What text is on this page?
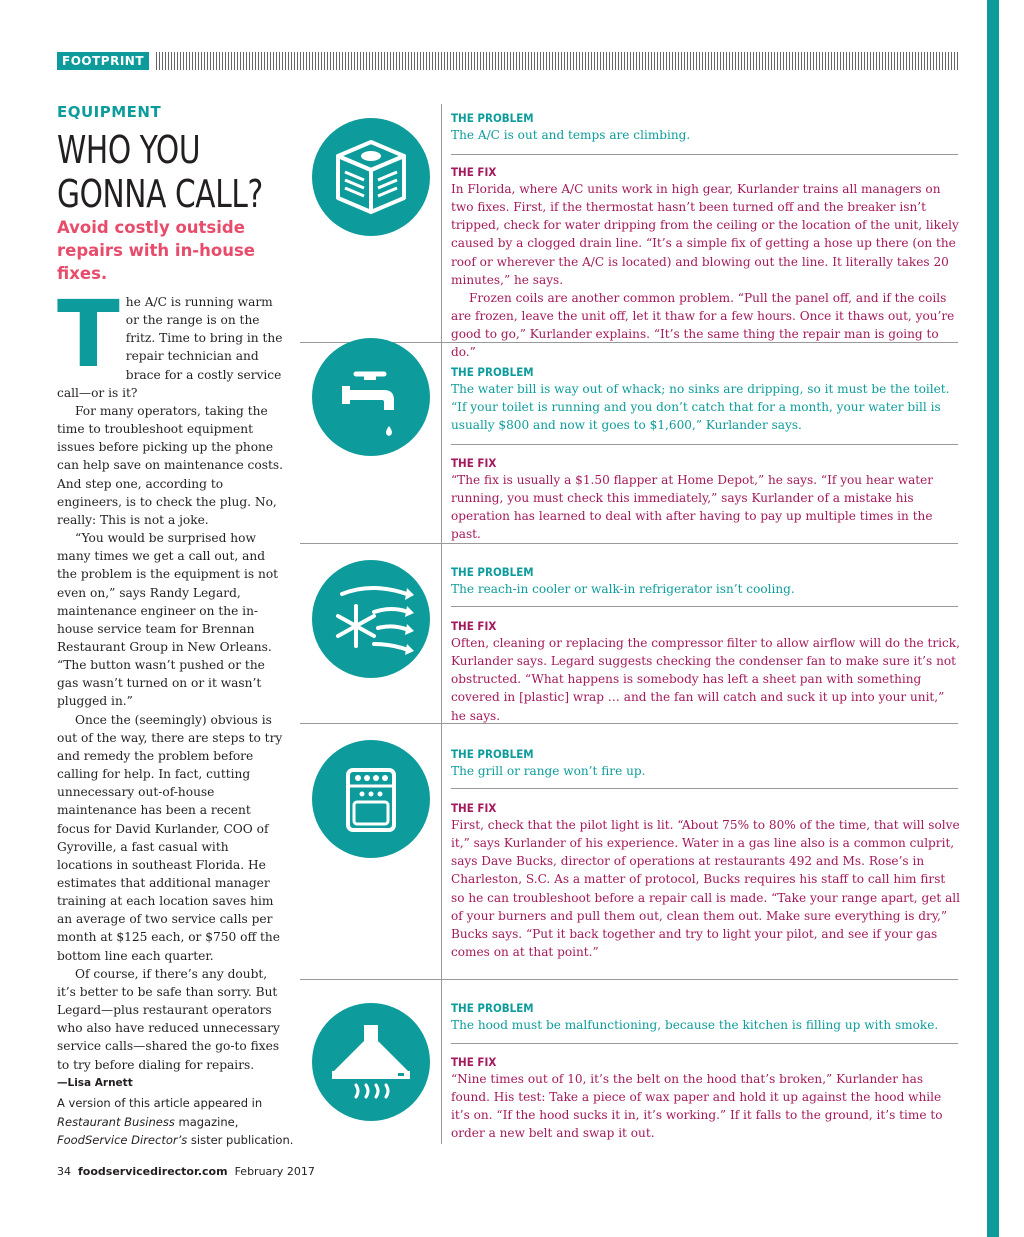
FOOTPRINT
EQUIPMENT
WHO YOU
GONNA CALL?
Avoid costly outside repairs with in-house fixes.

The A/C is running warm or the range is on the fritz. Time to bring in the repair technician and brace for a costly service call—or is it?

For many operators, taking the time to troubleshoot equipment issues before picking up the phone can help save on maintenance costs. And step one, according to engineers, is to check the plug. No, really: This is not a joke.

“You would be surprised how many times we get a call out, and the problem is the equipment is not even on,” says Randy Legard, maintenance engineer on the in-house service team for Brennan Restaurant Group in New Orleans. “The button wasn’t pushed or the gas wasn’t turned on or it wasn’t plugged in.”

Once the (seemingly) obvious is out of the way, there are steps to try and remedy the problem before calling for help. In fact, cutting unnecessary out-of-house maintenance has been a recent focus for David Kurlander, COO of Gyroville, a fast casual with locations in southeast Florida. He estimates that additional manager training at each location saves him an average of two service calls per month at $125 each, or $750 off the bottom line each quarter.

Of course, if there’s any doubt, it’s better to be safe than sorry. But Legard—plus restaurant operators who also have reduced unnecessary service calls—shared the go-to fixes to try before dialing for repairs.

—Lisa Arnett

A version of this article appeared in Restaurant Business magazine, FoodService Director’s sister publication.
34 foodservicedirector.com February 2017
THE PROBLEM
The A/C is out and temps are climbing.
THE FIX

In Florida, where A/C units work in high gear, Kurlander trains all managers on two fixes. First, if the thermostat hasn’t been turned off and the breaker isn’t tripped, check for water dripping from the ceiling or the location of the unit, likely caused by a clogged drain line. “It’s a simple fix of getting a hose up there (on the roof or wherever the A/C is located) and blowing out the line. It literally takes 20 minutes,” he says.

Frozen coils are another common problem. “Pull the panel off, and if the coils are frozen, leave the unit off, let it thaw for a few hours. Once it thaws out, you’re good to go,” Kurlander explains. “It’s the same thing the repair man is going to do.”

THE PROBLEM
The water bill is way out of whack; no sinks are dripping, so it must be the toilet. “If your toilet is running and you don’t catch that for a month, your water bill is usually $800 and now it goes to $1,600,” Kurlander says.
THE FIX
“The fix is usually a $1.50 flapper at Home Depot,” he says. “If you hear water running, you must check this immediately,” says Kurlander of a mistake his operation has learned to deal with after having to pay up multiple times in the past.
THE PROBLEM
The reach-in cooler or walk-in refrigerator isn’t cooling.
THE FIX
Often, cleaning or replacing the compressor filter to allow airflow will do the trick, Kurlander says. Legard suggests checking the condenser fan to make sure it’s not obstructed. “What happens is somebody has left a sheet pan with something covered in [plastic] wrap … and the fan will catch and suck it up into your unit,” he says.
THE PROBLEM
The grill or range won’t fire up.
THE FIX
First, check that the pilot light is lit. “About 75% to 80% of the time, that will solve it,” says Kurlander of his experience. Water in a gas line also is a common culprit, says Dave Bucks, director of operations at restaurants 492 and Ms. Rose’s in Charleston, S.C. As a matter of protocol, Bucks requires his staff to call him first so he can troubleshoot before a repair call is made. “Take your range apart, get all of your burners and pull them out, clean them out. Make sure everything is dry,” Bucks says. “Put it back together and try to light your pilot, and see if your gas comes on at that point.”
THE PROBLEM
The hood must be malfunctioning, because the kitchen is filling up with smoke.
THE FIX
“Nine times out of 10, it’s the belt on the hood that’s broken,” Kurlander has found. His test: Take a piece of wax paper and hold it up against the hood while it’s on. “If the hood sucks it in, it’s working.” If it falls to the ground, it’s time to order a new belt and swap it out.
